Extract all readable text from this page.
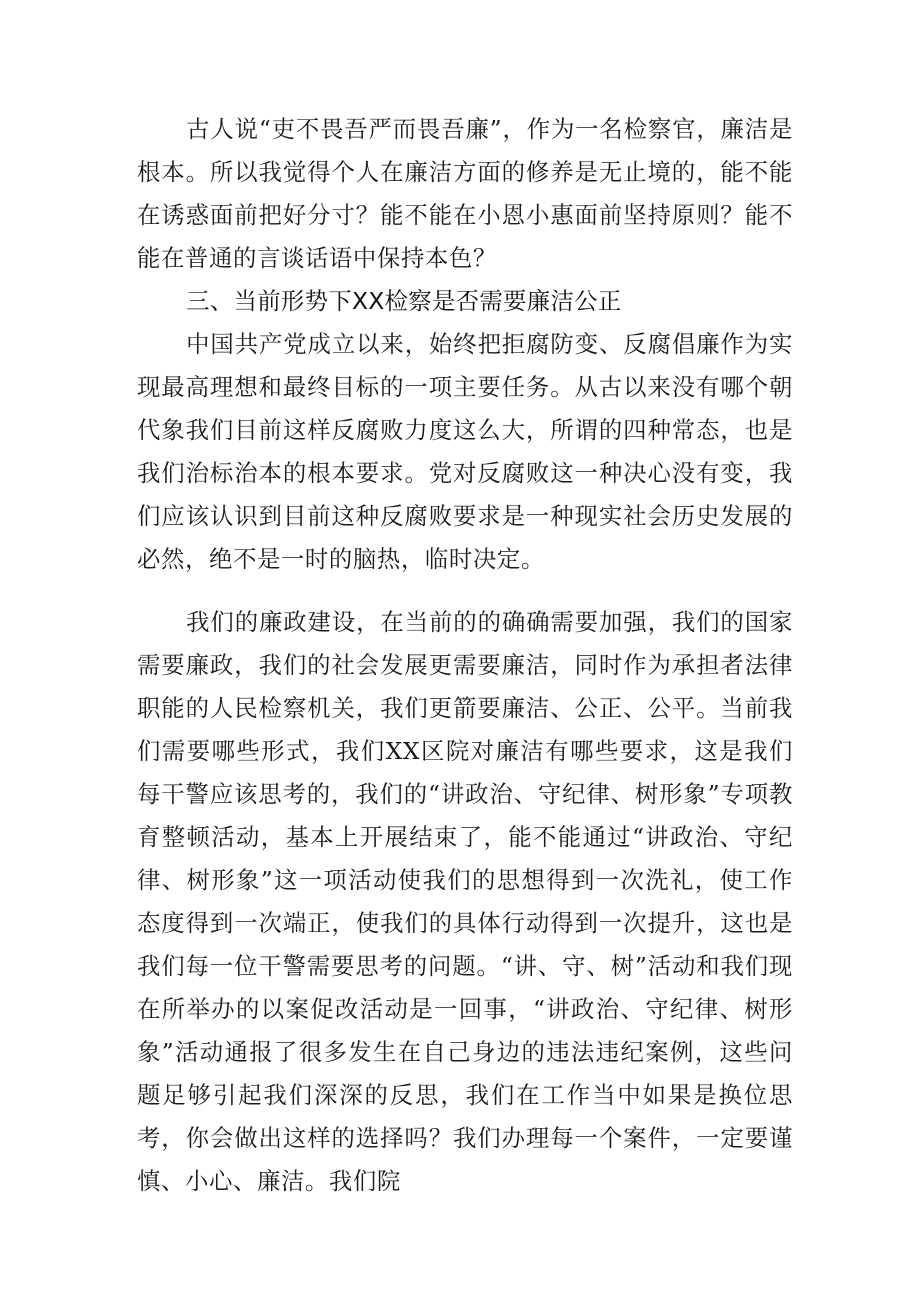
古人说“吏不畏吾严而畏吾廉”，作为一名检察官，廉洁是根本。所以我觉得个人在廉洁方面的修养是无止境的，能不能在诱惑面前把好分寸？能不能在小恩小惠面前坚持原则？能不能在普通的言谈话语中保持本色？

三、当前形势下XX检察是否需要廉洁公正

中国共产党成立以来，始终把拒腐防变、反腐倡廉作为实现最高理想和最终目标的一项主要任务。从古以来没有哪个朝代象我们目前这样反腐败力度这么大，所谓的四种常态，也是我们治标治本的根本要求。党对反腐败这一种决心没有变，我们应该认识到目前这种反腐败要求是一种现实社会历史发展的必然，绝不是一时的脑热，临时决定。

我们的廉政建设，在当前的的确确需要加强，我们的国家需要廉政，我们的社会发展更需要廉洁，同时作为承担者法律职能的人民检察机关，我们更箭要廉洁、公正、公平。当前我们需要哪些形式，我们XX区院对廉洁有哪些要求，这是我们每干警应该思考的，我们的“讲政治、守纪律、树形象”专项教育整顿活动，基本上开展结束了，能不能通过“讲政治、守纪律、树形象”这一项活动使我们的思想得到一次洗礼，使工作态度得到一次端正，使我们的具体行动得到一次提升，这也是我们每一位干警需要思考的问题。“讲、守、树”活动和我们现在所举办的以案促改活动是一回事，“讲政治、守纪律、树形象”活动通报了很多发生在自己身边的违法违纪案例，这些问题足够引起我们深深的反思，我们在工作当中如果是换位思考，你会做出这样的选择吗？我们办理每一个案件，一定要谨慎、小心、廉洁。我们院
